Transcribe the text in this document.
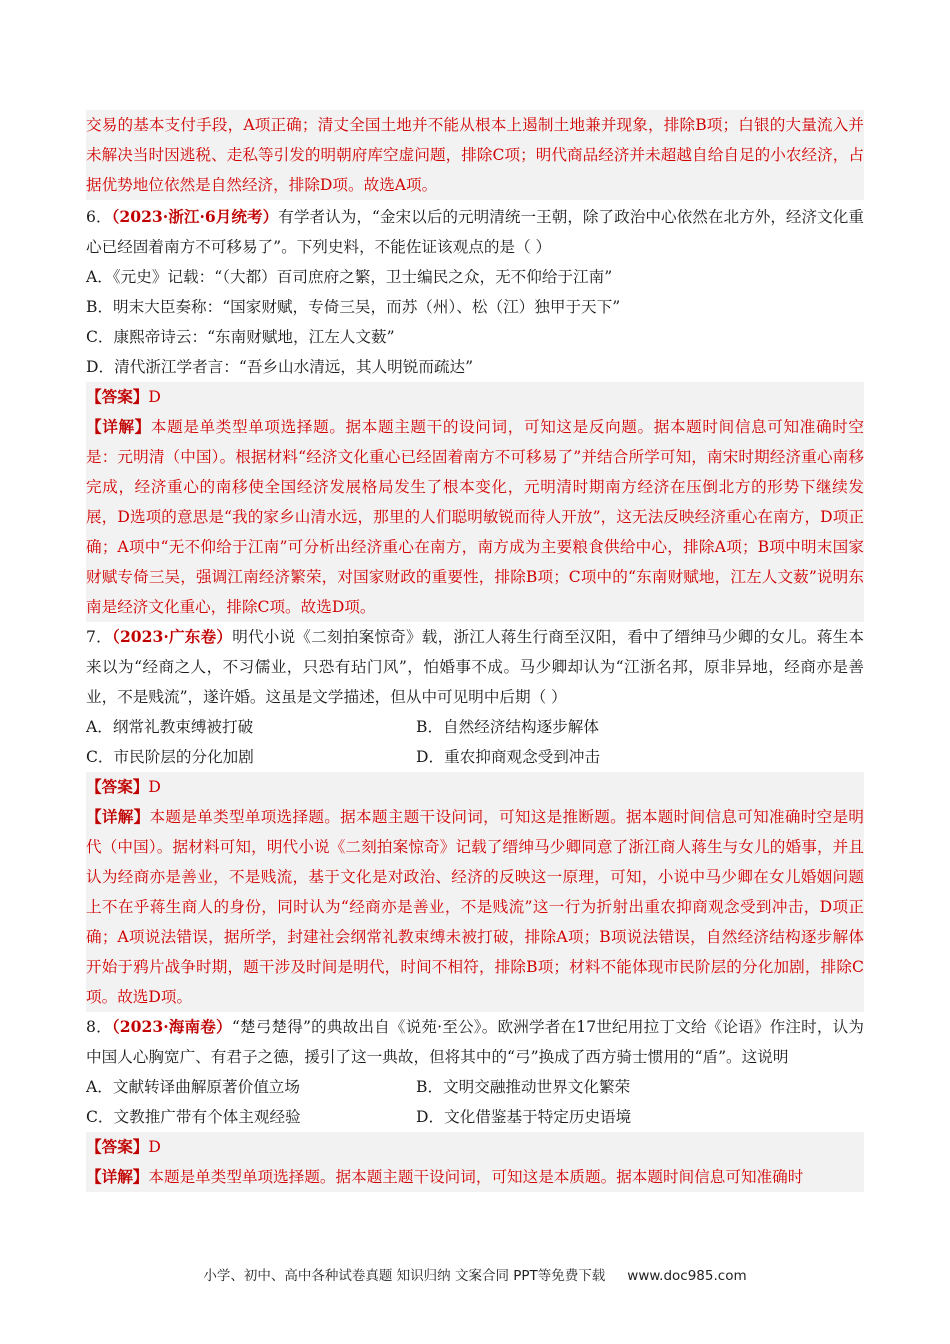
交易的基本支付手段，A项正确；清丈全国土地并不能从根本上遏制土地兼并现象，排除B项；白银的大量流入并未解决当时因逃税、走私等引发的明朝府库空虚问题，排除C项；明代商品经济并未超越自给自足的小农经济，占据优势地位依然是自然经济，排除D项。故选A项。

6．（2023·浙江·6月统考）有学者认为，“金宋以后的元明清统一王朝，除了政治中心依然在北方外，经济文化重心已经固着南方不可移易了”。下列史料，不能佐证该观点的是（ ）

A．《元史》记载：“（大都）百司庶府之繁，卫士编民之众，无不仰给于江南”

B．明末大臣奏称：“国家财赋，专倚三吴，而苏（州）、松（江）独甲于天下”

C．康熙帝诗云：“东南财赋地，江左人文薮”

D．清代浙江学者言：“吾乡山水清远，其人明锐而疏达”

【答案】D

【详解】本题是单类型单项选择题。据本题主题干的设问词，可知这是反向题。据本题时间信息可知准确时空是：元明清（中国）。根据材料“经济文化重心已经固着南方不可移易了”并结合所学可知，南宋时期经济重心南移完成，经济重心的南移使全国经济发展格局发生了根本变化，元明清时期南方经济在压倒北方的形势下继续发展，D选项的意思是“我的家乡山清水远，那里的人们聪明敏锐而待人开放”，这无法反映经济重心在南方，D项正确；A项中“无不仰给于江南”可分析出经济重心在南方，南方成为主要粮食供给中心，排除A项；B项中明末国家财赋专倚三吴，强调江南经济繁荣，对国家财政的重要性，排除B项；C项中的“东南财赋地，江左人文薮”说明东南是经济文化重心，排除C项。故选D项。

7．（2023·广东卷）明代小说《二刻拍案惊奇》载，浙江人蒋生行商至汉阳，看中了缙绅马少卿的女儿。蒋生本来以为“经商之人，不习儒业，只恐有玷门风”，怕婚事不成。马少卿却认为“江浙名邦，原非异地，经商亦是善业，不是贱流”，遂许婚。这虽是文学描述，但从中可见明中后期（ ）

A．纲常礼教束缚被打破	B．自然经济结构逐步解体

C．市民阶层的分化加剧	D．重农抑商观念受到冲击

【答案】D

【详解】本题是单类型单项选择题。据本题主题干设问词，可知这是推断题。据本题时间信息可知准确时空是明代（中国）。据材料可知，明代小说《二刻拍案惊奇》记载了缙绅马少卿同意了浙江商人蒋生与女儿的婚事，并且认为经商亦是善业，不是贱流，基于文化是对政治、经济的反映这一原理，可知，小说中马少卿在女儿婚姻问题上不在乎蒋生商人的身份，同时认为“经商亦是善业，不是贱流”这一行为折射出重农抑商观念受到冲击，D项正确；A项说法错误，据所学，封建社会纲常礼教束缚未被打破，排除A项；B项说法错误，自然经济结构逐步解体开始于鸦片战争时期，题干涉及时间是明代，时间不相符，排除B项；材料不能体现市民阶层的分化加剧，排除C项。故选D项。

8．（2023·海南卷）“楚弓楚得”的典故出自《说苑·至公》。欧洲学者在17世纪用拉丁文给《论语》作注时，认为中国人心胸宽广、有君子之德，援引了这一典故，但将其中的“弓”换成了西方骑士惯用的“盾”。这说明

A．文献转译曲解原著价值立场	B．文明交融推动世界文化繁荣

C．文教推广带有个体主观经验	D．文化借鉴基于特定历史语境

【答案】D

【详解】本题是单类型单项选择题。据本题主题干设问词，可知这是本质题。据本题时间信息可知准确时

小学、初中、高中各种试卷真题 知识归纳 文案合同 PPT等免费下载 www.doc985.com
